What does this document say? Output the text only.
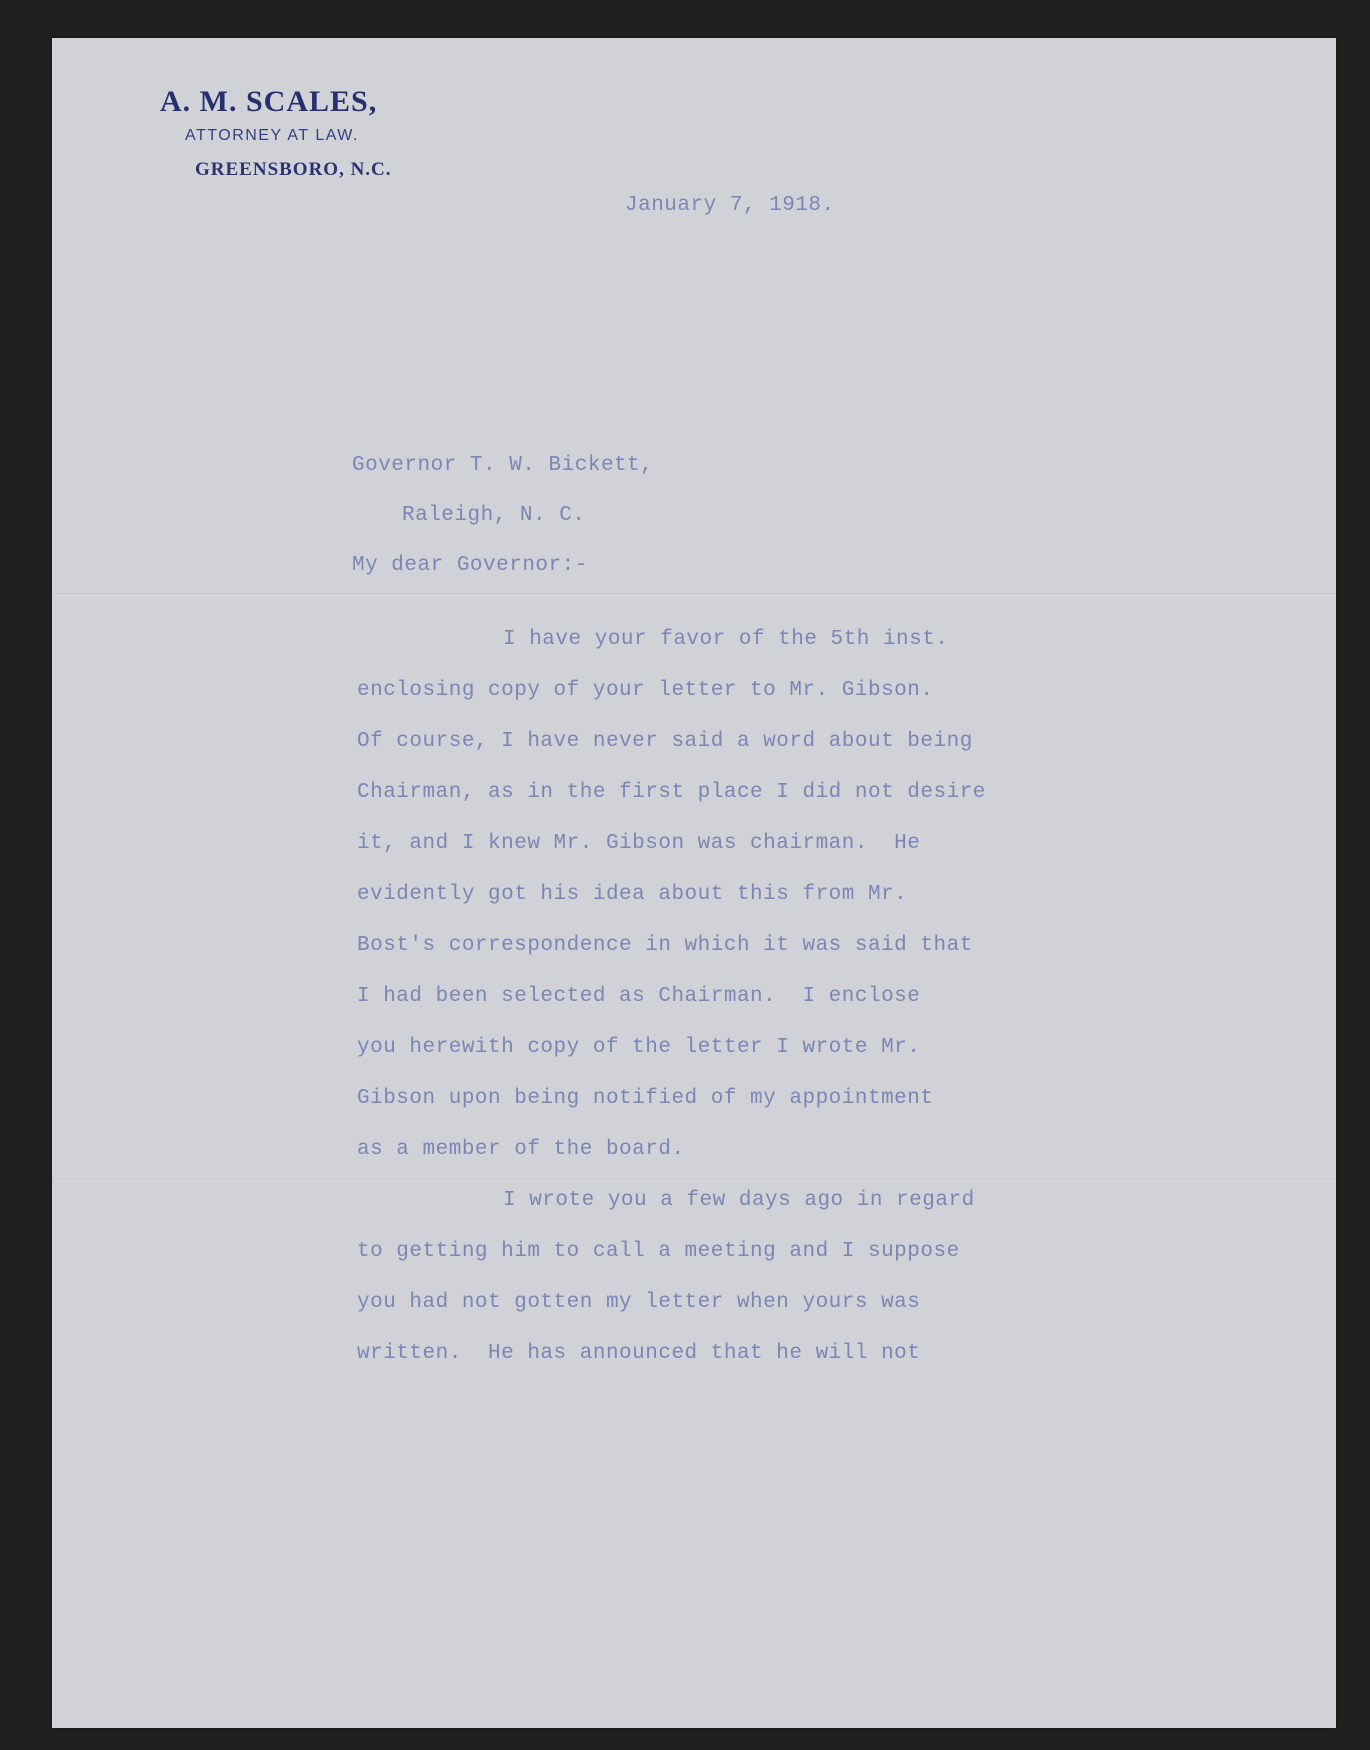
A. M. SCALES,
ATTORNEY AT LAW.
GREENSBORO, N.C.
January 7, 1918.
Governor T. W. Bickett,
Raleigh, N. C.
My dear Governor:-
I have your favor of the 5th inst.
enclosing copy of your letter to Mr. Gibson.
Of course, I have never said a word about being
Chairman, as in the first place I did not desire
it, and I knew Mr. Gibson was chairman.  He
evidently got his idea about this from Mr.
Bost's correspondence in which it was said that
I had been selected as Chairman.  I enclose
you herewith copy of the letter I wrote Mr.
Gibson upon being notified of my appointment
as a member of the board.
I wrote you a few days ago in regard
to getting him to call a meeting and I suppose
you had not gotten my letter when yours was
written.  He has announced that he will not
